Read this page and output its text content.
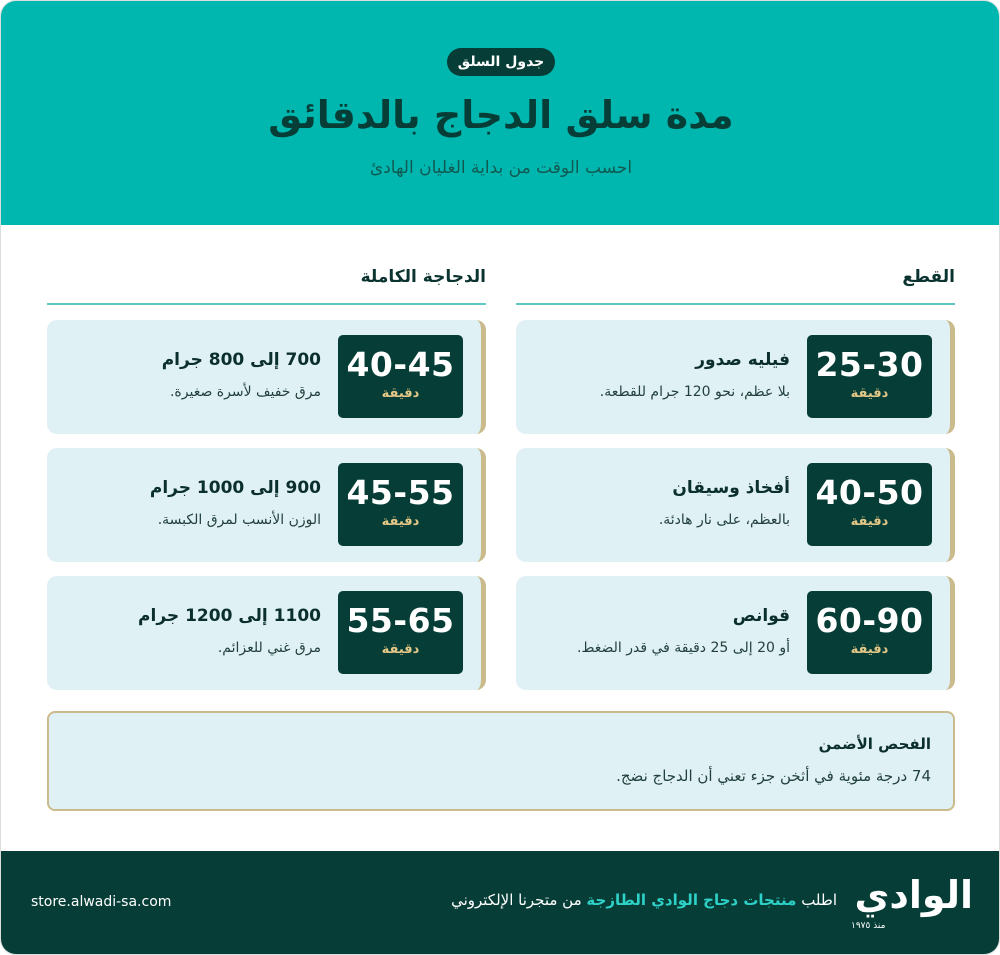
جدول السلق
مدة سلق الدجاج بالدقائق
احسب الوقت من بداية الغليان الهادئ
القطع
الدجاجة الكاملة
25-30
دقيقة
فيليه صدور
بلا عظم، نحو 120 جرام للقطعة.
40-50
دقيقة
أفخاذ وسيقان
بالعظم، على نار هادئة.
60-90
دقيقة
قوانص
أو 20 إلى 25 دقيقة في قدر الضغط.
40-45
دقيقة
700 إلى 800 جرام
مرق خفيف لأسرة صغيرة.
45-55
دقيقة
900 إلى 1000 جرام
الوزن الأنسب لمرق الكبسة.
55-65
دقيقة
1100 إلى 1200 جرام
مرق غني للعزائم.
الفحص الأضمن
74 درجة مئوية في أثخن جزء تعني أن الدجاج نضج.
store.alwadi-sa.com	اطلب منتجات دجاج الوادي الطازجة من متجرنا الإلكتروني	الوادي
منذ ١٩٧٥
